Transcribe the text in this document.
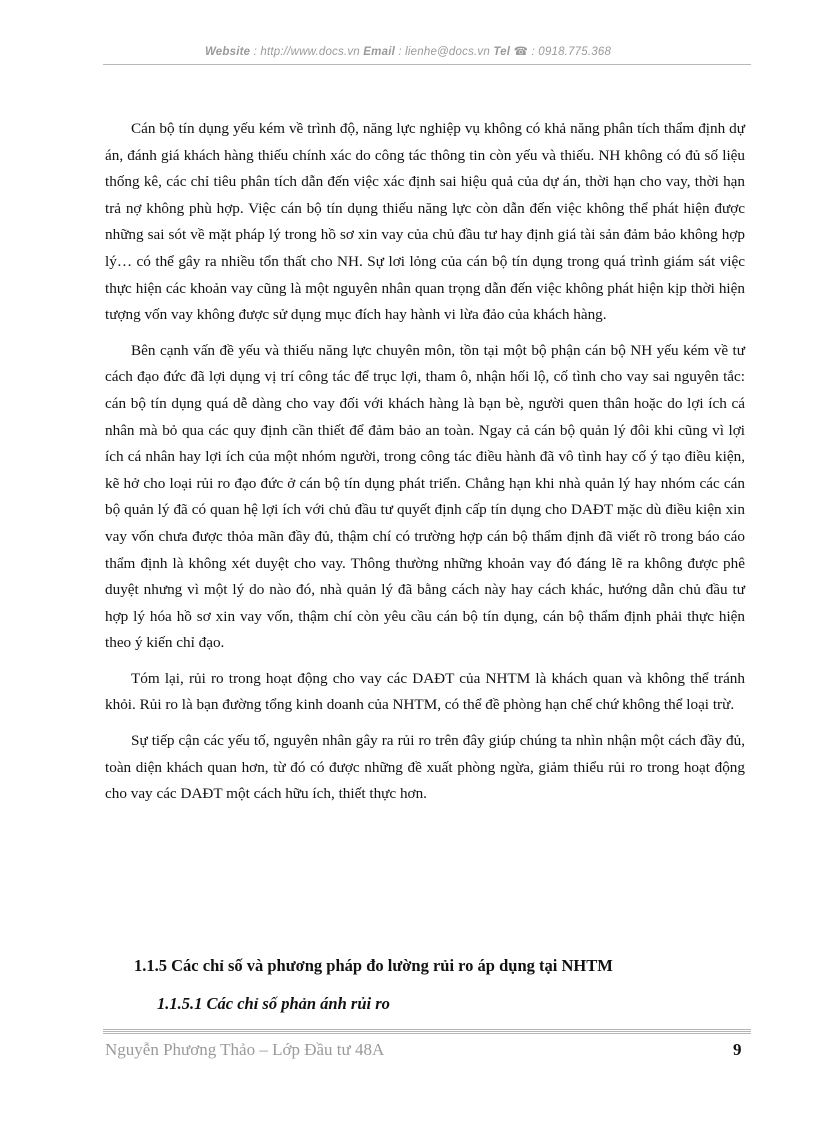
Website : http://www.docs.vn Email : lienhe@docs.vn Tel ☎ : 0918.775.368

Cán bộ tín dụng yếu kém về trình độ, năng lực nghiệp vụ không có khả năng phân tích thẩm định dự án, đánh giá khách hàng thiếu chính xác do công tác thông tin còn yếu và thiếu. NH không có đủ số liệu thống kê, các chỉ tiêu phân tích dẫn đến việc xác định sai hiệu quả của dự án, thời hạn cho vay, thời hạn trả nợ không phù hợp. Việc cán bộ tín dụng thiếu năng lực còn dẫn đến việc không thể phát hiện được những sai sót về mặt pháp lý trong hồ sơ xin vay của chủ đầu tư hay định giá tài sản đảm bảo không hợp lý… có thể gây ra nhiều tổn thất cho NH. Sự lơi lỏng của cán bộ tín dụng trong quá trình giám sát việc thực hiện các khoản vay cũng là một nguyên nhân quan trọng dẫn đến việc không phát hiện kịp thời hiện tượng vốn vay không được sử dụng mục đích hay hành vi lừa đảo của khách hàng.

Bên cạnh vấn đề yếu và thiếu năng lực chuyên môn, tồn tại một bộ phận cán bộ NH yếu kém về tư cách đạo đức đã lợi dụng vị trí công tác để trục lợi, tham ô, nhận hối lộ, cố tình cho vay sai nguyên tắc: cán bộ tín dụng quá dễ dàng cho vay đối với khách hàng là bạn bè, người quen thân hoặc do lợi ích cá nhân mà bỏ qua các quy định cần thiết để đảm bảo an toàn. Ngay cả cán bộ quản lý đôi khi cũng vì lợi ích cá nhân hay lợi ích của một nhóm người, trong công tác điều hành đã vô tình hay cố ý tạo điều kiện, kẽ hở cho loại rủi ro đạo đức ở cán bộ tín dụng phát triển. Chẳng hạn khi nhà quản lý hay nhóm các cán bộ quản lý đã có quan hệ lợi ích với chủ đầu tư quyết định cấp tín dụng cho DAĐT mặc dù điều kiện xin vay vốn chưa được thỏa mãn đầy đủ, thậm chí có trường hợp cán bộ thẩm định đã viết rõ trong báo cáo thẩm định là không xét duyệt cho vay. Thông thường những khoản vay đó đáng lẽ ra không được phê duyệt nhưng vì một lý do nào đó, nhà quản lý đã bằng cách này hay cách khác, hướng dẫn chủ đầu tư hợp lý hóa hồ sơ xin vay vốn, thậm chí còn yêu cầu cán bộ tín dụng, cán bộ thẩm định phải thực hiện theo ý kiến chỉ đạo.

Tóm lại, rủi ro trong hoạt động cho vay các DAĐT của NHTM là khách quan và không thể tránh khỏi. Rủi ro là bạn đường tổng kinh doanh của NHTM, có thể đề phòng hạn chế chứ không thể loại trừ.

Sự tiếp cận các yếu tố, nguyên nhân gây ra rủi ro trên đây giúp chúng ta nhìn nhận một cách đầy đủ, toàn diện khách quan hơn, từ đó có được những đề xuất phòng ngừa, giảm thiểu rủi ro trong hoạt động cho vay các DAĐT một cách hữu ích, thiết thực hơn.

1.1.5 Các chỉ số và phương pháp đo lường rủi ro áp dụng tại NHTM
1.1.5.1 Các chỉ số phản ánh rủi ro
Nguyễn Phương Thảo – Lớp Đầu tư 48A	9
